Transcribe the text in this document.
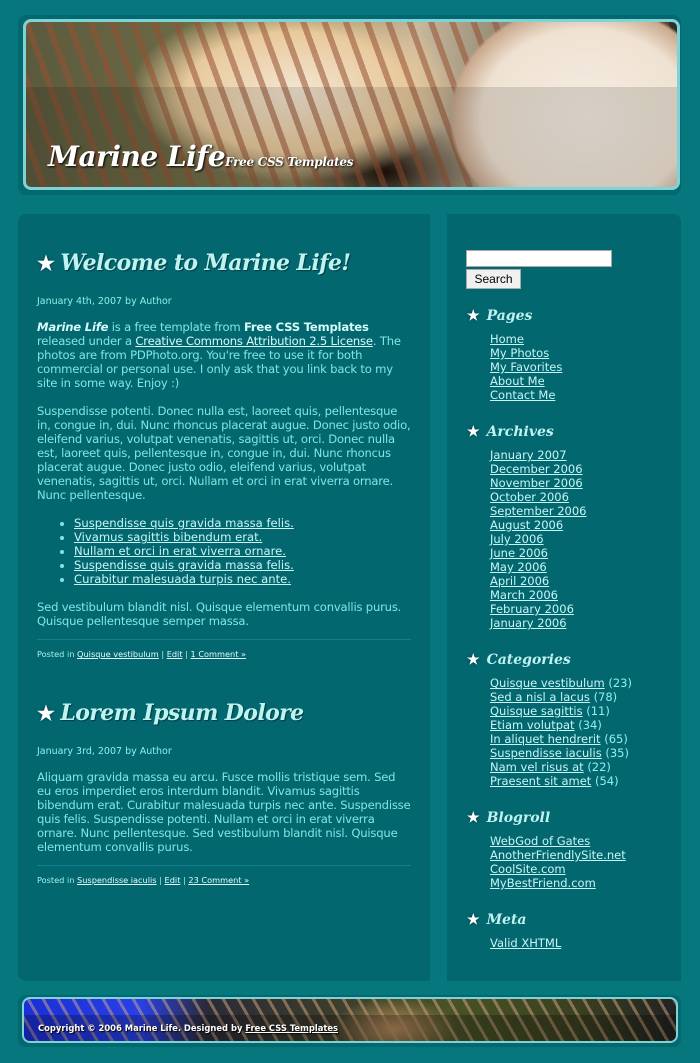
Marine LifeFree CSS Templates
★ Welcome to Marine Life!
January 4th, 2007 by Author

Marine Life is a free template from Free CSS Templates released under a Creative Commons Attribution 2.5 License. The photos are from PDPhoto.org. You're free to use it for both commercial or personal use. I only ask that you link back to my site in some way. Enjoy :)

Suspendisse potenti. Donec nulla est, laoreet quis, pellentesque in, congue in, dui. Nunc rhoncus placerat augue. Donec justo odio, eleifend varius, volutpat venenatis, sagittis ut, orci. Donec nulla est, laoreet quis, pellentesque in, congue in, dui. Nunc rhoncus placerat augue. Donec justo odio, eleifend varius, volutpat venenatis, sagittis ut, orci. Nullam et orci in erat viverra ornare. Nunc pellentesque.

• Suspendisse quis gravida massa felis.
• Vivamus sagittis bibendum erat.
• Nullam et orci in erat viverra ornare.
• Suspendisse quis gravida massa felis.
• Curabitur malesuada turpis nec ante.

Sed vestibulum blandit nisl. Quisque elementum convallis purus. Quisque pellentesque semper massa.

Posted in Quisque vestibulum | Edit | 1 Comment »
★ Lorem Ipsum Dolore
January 3rd, 2007 by Author

Aliquam gravida massa eu arcu. Fusce mollis tristique sem. Sed eu eros imperdiet eros interdum blandit. Vivamus sagittis bibendum erat. Curabitur malesuada turpis nec ante. Suspendisse quis felis. Suspendisse potenti. Nullam et orci in erat viverra ornare. Nunc pellentesque. Sed vestibulum blandit nisl. Quisque elementum convallis purus.

Posted in Suspendisse iaculis | Edit | 23 Comment »
Search
★ Pages
Home
My Photos
My Favorites
About Me
Contact Me
★ Archives
January 2007
December 2006
November 2006
October 2006
September 2006
August 2006
July 2006
June 2006
May 2006
April 2006
March 2006
February 2006
January 2006
★ Categories
Quisque vestibulum (23)
Sed a nisl a lacus (78)
Quisque sagittis (11)
Etiam volutpat (34)
In aliquet hendrerit (65)
Suspendisse iaculis (35)
Nam vel risus at (22)
Praesent sit amet (54)
★ Blogroll
WebGod of Gates
AnotherFriendlySite.net
CoolSite.com
MyBestFriend.com
★ Meta
Valid XHTML
Copyright © 2006 Marine Life. Designed by Free CSS Templates
